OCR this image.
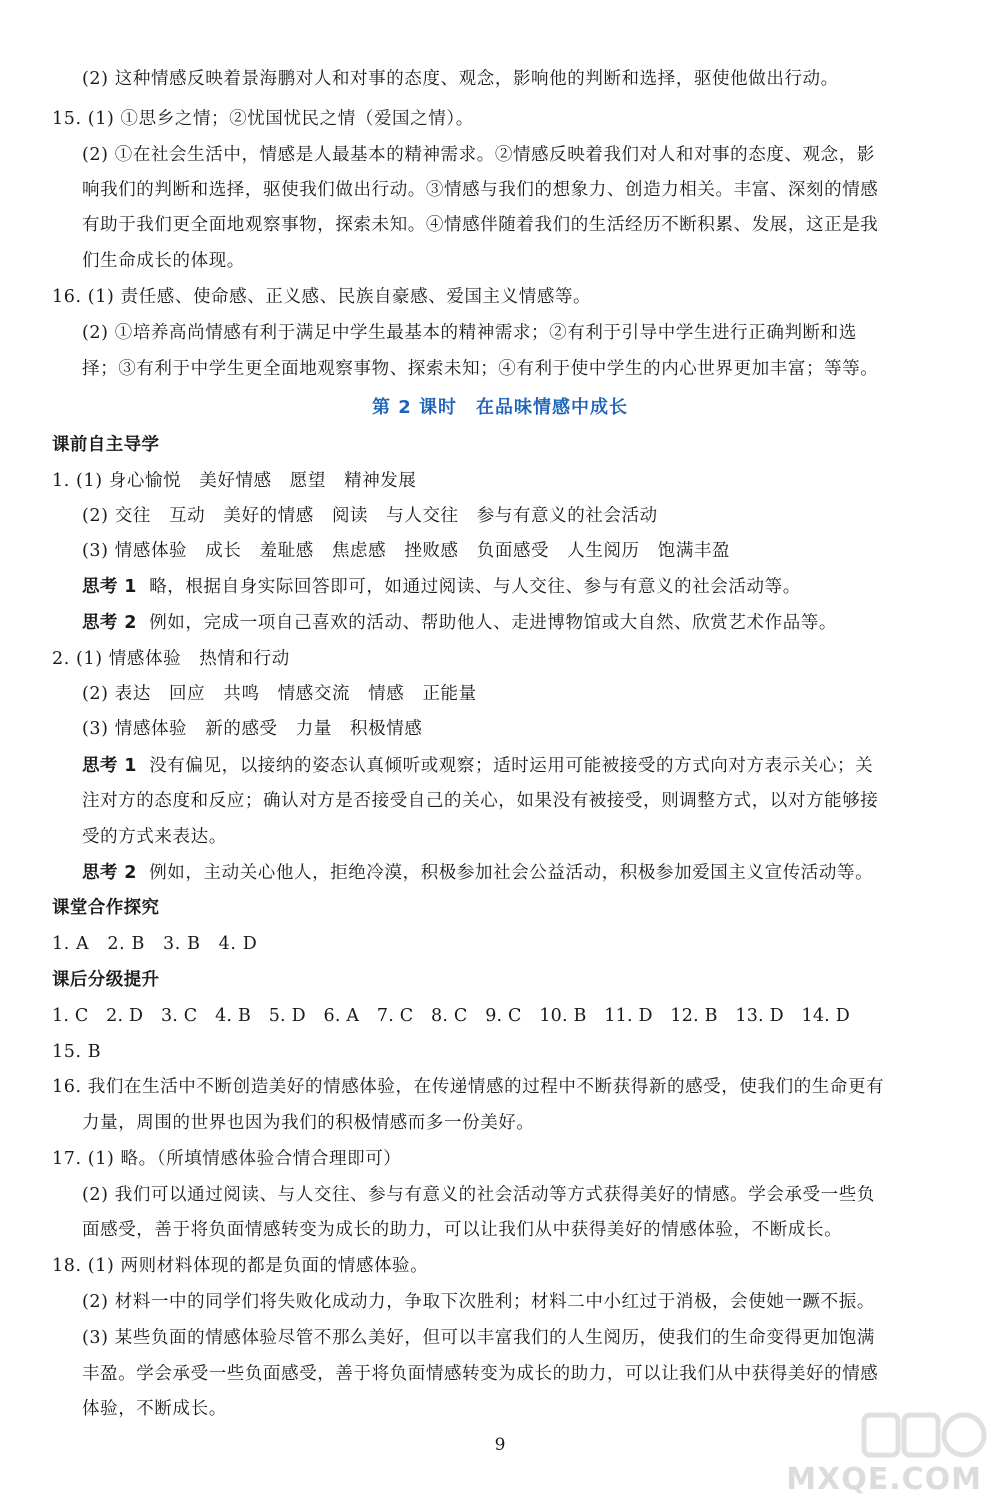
(2) 这种情感反映着景海鹏对人和对事的态度、观念，影响他的判断和选择，驱使他做出行动。
15. (1) ①思乡之情；②忧国忧民之情（爱国之情）。
(2) ①在社会生活中，情感是人最基本的精神需求。②情感反映着我们对人和对事的态度、观念，影
响我们的判断和选择，驱使我们做出行动。③情感与我们的想象力、创造力相关。丰富、深刻的情感
有助于我们更全面地观察事物，探索未知。④情感伴随着我们的生活经历不断积累、发展，这正是我
们生命成长的体现。
16. (1) 责任感、使命感、正义感、民族自豪感、爱国主义情感等。
(2) ①培养高尚情感有利于满足中学生最基本的精神需求；②有利于引导中学生进行正确判断和选
择；③有利于中学生更全面地观察事物、探索未知；④有利于使中学生的内心世界更加丰富；等等。
第 2 课时　在品味情感中成长
课前自主导学
1. (1) 身心愉悦　美好情感　愿望　精神发展
(2) 交往　互动　美好的情感　阅读　与人交往　参与有意义的社会活动
(3) 情感体验　成长　羞耻感　焦虑感　挫败感　负面感受　人生阅历　饱满丰盈
思考 1 略，根据自身实际回答即可，如通过阅读、与人交往、参与有意义的社会活动等。
思考 2 例如，完成一项自己喜欢的活动、帮助他人、走进博物馆或大自然、欣赏艺术作品等。
2. (1) 情感体验　热情和行动
(2) 表达　回应　共鸣　情感交流　情感　正能量
(3) 情感体验　新的感受　力量　积极情感
思考 1 没有偏见，以接纳的姿态认真倾听或观察；适时运用可能被接受的方式向对方表示关心；关
注对方的态度和反应；确认对方是否接受自己的关心，如果没有被接受，则调整方式，以对方能够接
受的方式来表达。
思考 2 例如，主动关心他人，拒绝冷漠，积极参加社会公益活动，积极参加爱国主义宣传活动等。
课堂合作探究
1. A　2. B　3. B　4. D
课后分级提升
1. C　2. D　3. C　4. B　5. D　6. A　7. C　8. C　9. C　10. B　11. D　12. B　13. D　14. D
15. B
16. 我们在生活中不断创造美好的情感体验，在传递情感的过程中不断获得新的感受，使我们的生命更有
力量，周围的世界也因为我们的积极情感而多一份美好。
17. (1) 略。（所填情感体验合情合理即可）
(2) 我们可以通过阅读、与人交往、参与有意义的社会活动等方式获得美好的情感。学会承受一些负
面感受，善于将负面情感转变为成长的助力，可以让我们从中获得美好的情感体验，不断成长。
18. (1) 两则材料体现的都是负面的情感体验。
(2) 材料一中的同学们将失败化成动力，争取下次胜利；材料二中小红过于消极，会使她一蹶不振。
(3) 某些负面的情感体验尽管不那么美好，但可以丰富我们的人生阅历，使我们的生命变得更加饱满
丰盈。学会承受一些负面感受，善于将负面情感转变为成长的助力，可以让我们从中获得美好的情感
体验，不断成长。
9
MXQE.COM
